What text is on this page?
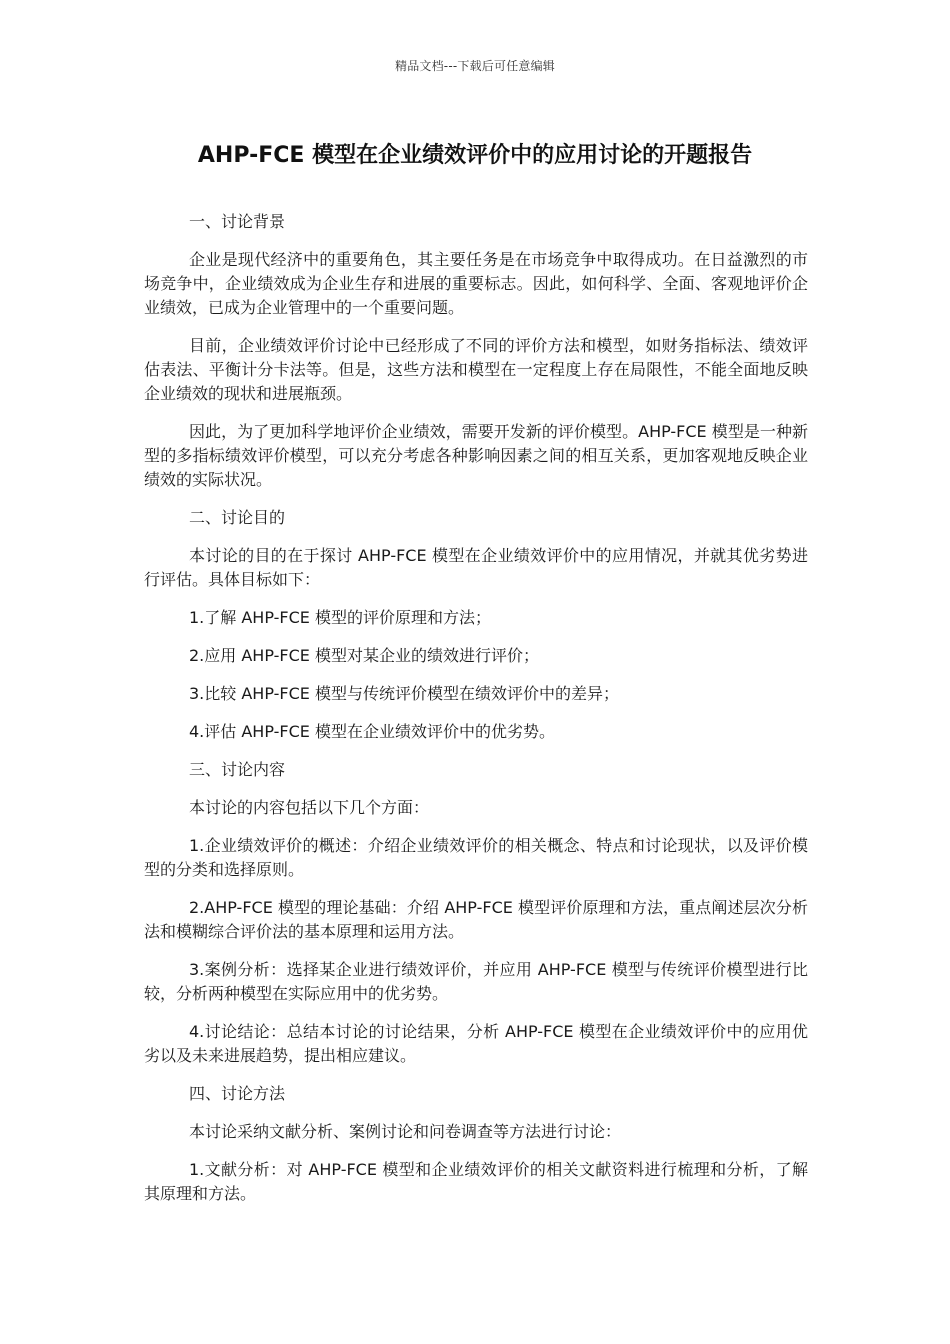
精品文档---下载后可任意编辑
AHP-FCE 模型在企业绩效评价中的应用讨论的开题报告

一、讨论背景

企业是现代经济中的重要角色，其主要任务是在市场竞争中取得成功。在日益激烈的市场竞争中，企业绩效成为企业生存和进展的重要标志。因此，如何科学、全面、客观地评价企业绩效，已成为企业管理中的一个重要问题。

目前，企业绩效评价讨论中已经形成了不同的评价方法和模型，如财务指标法、绩效评估表法、平衡计分卡法等。但是，这些方法和模型在一定程度上存在局限性，不能全面地反映企业绩效的现状和进展瓶颈。

因此，为了更加科学地评价企业绩效，需要开发新的评价模型。AHP-FCE 模型是一种新型的多指标绩效评价模型，可以充分考虑各种影响因素之间的相互关系，更加客观地反映企业绩效的实际状况。

二、讨论目的

本讨论的目的在于探讨 AHP-FCE 模型在企业绩效评价中的应用情况，并就其优劣势进行评估。具体目标如下：

1.了解 AHP-FCE 模型的评价原理和方法；

2.应用 AHP-FCE 模型对某企业的绩效进行评价；

3.比较 AHP-FCE 模型与传统评价模型在绩效评价中的差异；

4.评估 AHP-FCE 模型在企业绩效评价中的优劣势。

三、讨论内容

本讨论的内容包括以下几个方面：

1.企业绩效评价的概述：介绍企业绩效评价的相关概念、特点和讨论现状，以及评价模型的分类和选择原则。

2.AHP-FCE 模型的理论基础：介绍 AHP-FCE 模型评价原理和方法，重点阐述层次分析法和模糊综合评价法的基本原理和运用方法。

3.案例分析：选择某企业进行绩效评价，并应用 AHP-FCE 模型与传统评价模型进行比较，分析两种模型在实际应用中的优劣势。

4.讨论结论：总结本讨论的讨论结果，分析 AHP-FCE 模型在企业绩效评价中的应用优劣以及未来进展趋势，提出相应建议。

四、讨论方法

本讨论采纳文献分析、案例讨论和问卷调查等方法进行讨论：

1.文献分析：对 AHP-FCE 模型和企业绩效评价的相关文献资料进行梳理和分析，了解其原理和方法。
